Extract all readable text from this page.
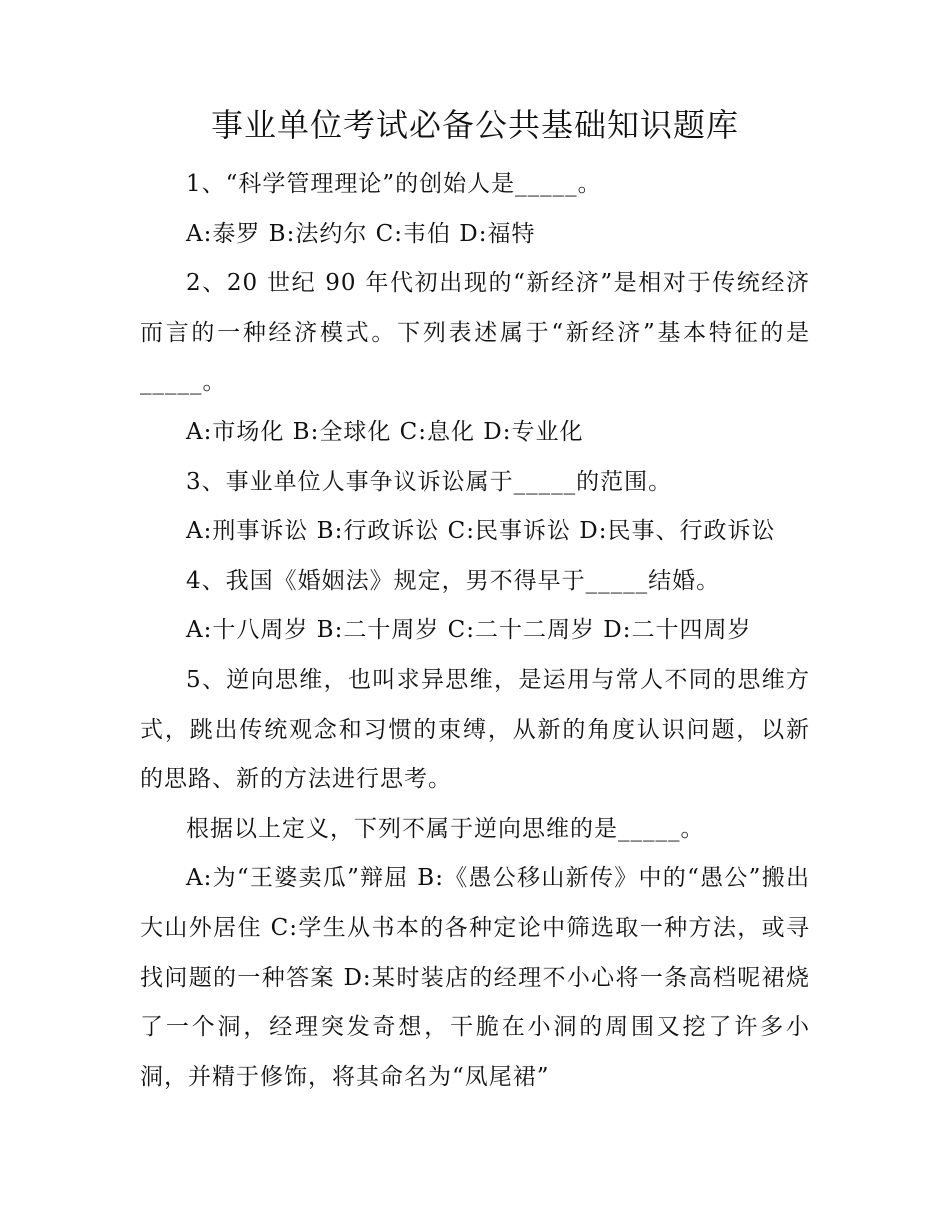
事业单位考试必备公共基础知识题库

1、“科学管理理论”的创始人是_____。

A:泰罗 B:法约尔 C:韦伯 D:福特

2、20 世纪 90 年代初出现的“新经济”是相对于传统经济而言的一种经济模式。下列表述属于“新经济”基本特征的是_____。

A:市场化 B:全球化 C:息化 D:专业化

3、事业单位人事争议诉讼属于_____的范围。

A:刑事诉讼 B:行政诉讼 C:民事诉讼 D:民事、行政诉讼

4、我国《婚姻法》规定，男不得早于_____结婚。

A:十八周岁 B:二十周岁 C:二十二周岁 D:二十四周岁

5、逆向思维，也叫求异思维，是运用与常人不同的思维方式，跳出传统观念和习惯的束缚，从新的角度认识问题，以新的思路、新的方法进行思考。

根据以上定义，下列不属于逆向思维的是_____。

A:为“王婆卖瓜”辩屈 B:《愚公移山新传》中的“愚公”搬出大山外居住 C:学生从书本的各种定论中筛选取一种方法，或寻找问题的一种答案 D:某时装店的经理不小心将一条高档呢裙烧了一个洞，经理突发奇想，干脆在小洞的周围又挖了许多小洞，并精于修饰，将其命名为“凤尾裙”
